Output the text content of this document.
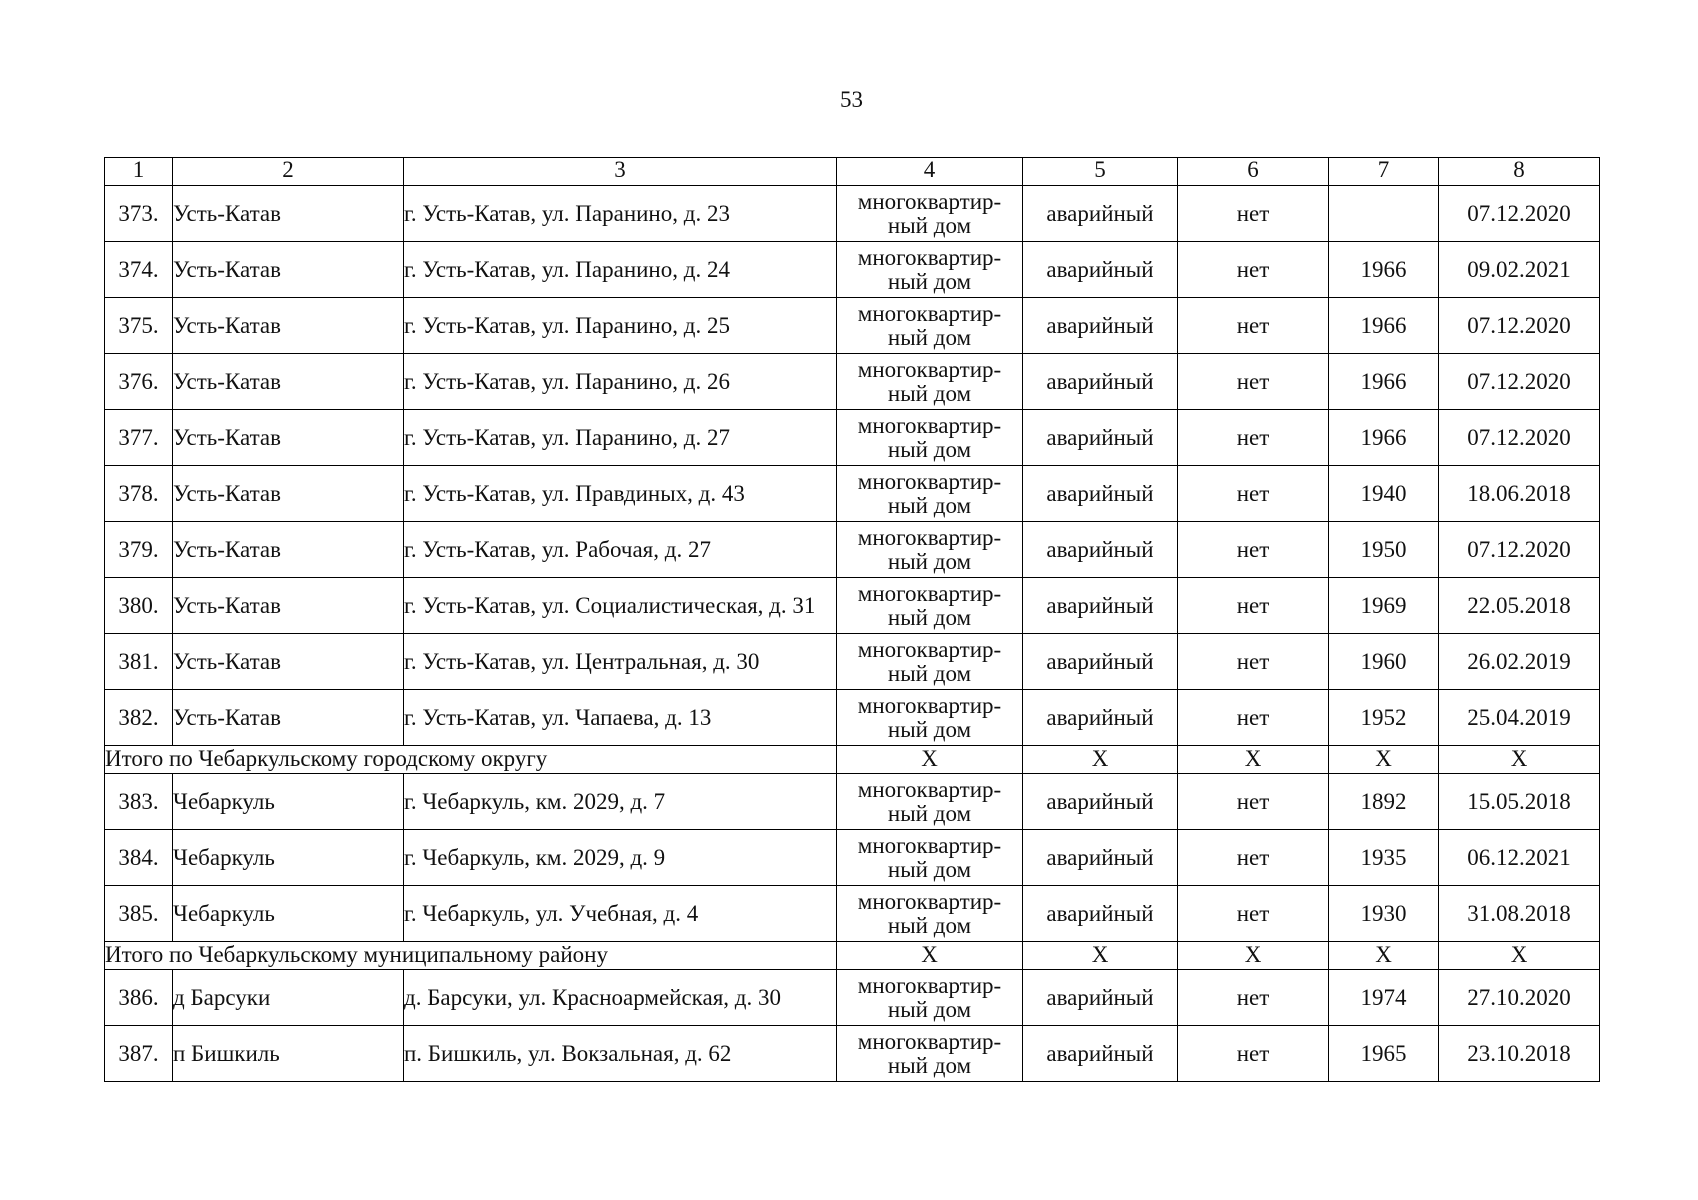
53
1	2	3	4	5	6	7	8
373.	Усть-Катав	г. Усть-Катав, ул. Паранино, д. 23	многоквартир-
ный дом	аварийный	нет		07.12.2020
374.	Усть-Катав	г. Усть-Катав, ул. Паранино, д. 24	многоквартир-
ный дом	аварийный	нет	1966	09.02.2021
375.	Усть-Катав	г. Усть-Катав, ул. Паранино, д. 25	многоквартир-
ный дом	аварийный	нет	1966	07.12.2020
376.	Усть-Катав	г. Усть-Катав, ул. Паранино, д. 26	многоквартир-
ный дом	аварийный	нет	1966	07.12.2020
377.	Усть-Катав	г. Усть-Катав, ул. Паранино, д. 27	многоквартир-
ный дом	аварийный	нет	1966	07.12.2020
378.	Усть-Катав	г. Усть-Катав, ул. Правдиных, д. 43	многоквартир-
ный дом	аварийный	нет	1940	18.06.2018
379.	Усть-Катав	г. Усть-Катав, ул. Рабочая, д. 27	многоквартир-
ный дом	аварийный	нет	1950	07.12.2020
380.	Усть-Катав	г. Усть-Катав, ул. Социалистическая, д. 31	многоквартир-
ный дом	аварийный	нет	1969	22.05.2018
381.	Усть-Катав	г. Усть-Катав, ул. Центральная, д. 30	многоквартир-
ный дом	аварийный	нет	1960	26.02.2019
382.	Усть-Катав	г. Усть-Катав, ул. Чапаева, д. 13	многоквартир-
ный дом	аварийный	нет	1952	25.04.2019
Итого по Чебаркульскому городскому округу			X	X	X	X	X
383.	Чебаркуль	г. Чебаркуль, км. 2029, д. 7	многоквартир-
ный дом	аварийный	нет	1892	15.05.2018
384.	Чебаркуль	г. Чебаркуль, км. 2029, д. 9	многоквартир-
ный дом	аварийный	нет	1935	06.12.2021
385.	Чебаркуль	г. Чебаркуль, ул. Учебная, д. 4	многоквартир-
ный дом	аварийный	нет	1930	31.08.2018
Итого по Чебаркульскому муниципальному району			X	X	X	X	X
386.	д Барсуки	д. Барсуки, ул. Красноармейская, д. 30	многоквартир-
ный дом	аварийный	нет	1974	27.10.2020
387.	п Бишкиль	п. Бишкиль, ул. Вокзальная, д. 62	многоквартир-
ный дом	аварийный	нет	1965	23.10.2018
